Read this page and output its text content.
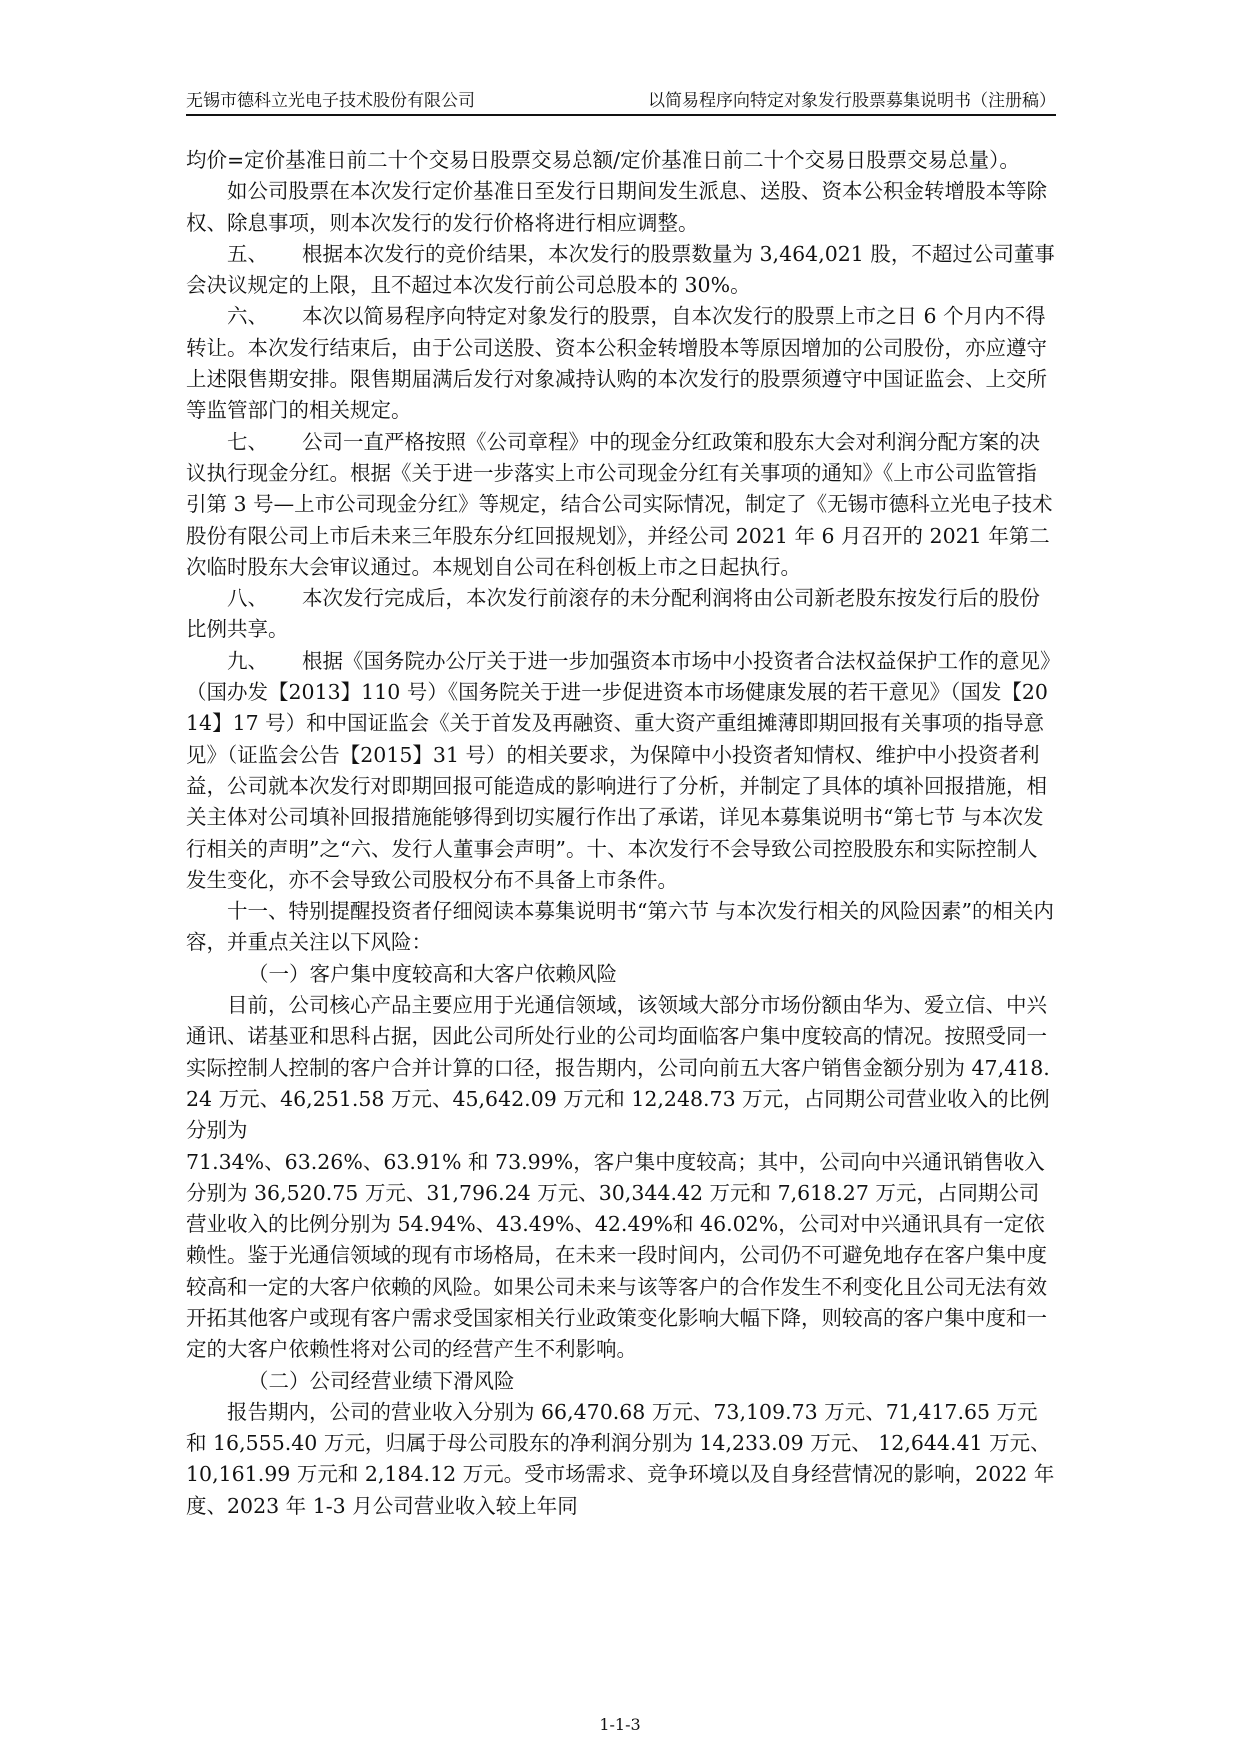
无锡市德科立光电子技术股份有限公司	以简易程序向特定对象发行股票募集说明书（注册稿）

均价=定价基准日前二十个交易日股票交易总额/定价基准日前二十个交易日股票交易总量）。

如公司股票在本次发行定价基准日至发行日期间发生派息、送股、资本公积金转增股本等除权、除息事项，则本次发行的发行价格将进行相应调整。

五、 根据本次发行的竞价结果，本次发行的股票数量为 3,464,021 股，不超过公司董事会决议规定的上限，且不超过本次发行前公司总股本的 30%。

六、 本次以简易程序向特定对象发行的股票，自本次发行的股票上市之日 6 个月内不得转让。本次发行结束后，由于公司送股、资本公积金转增股本等原因增加的公司股份，亦应遵守上述限售期安排。限售期届满后发行对象减持认购的本次发行的股票须遵守中国证监会、上交所等监管部门的相关规定。

七、 公司一直严格按照《公司章程》中的现金分红政策和股东大会对利润分配方案的决议执行现金分红。根据《关于进一步落实上市公司现金分红有关事项的通知》《上市公司监管指引第 3 号—上市公司现金分红》等规定，结合公司实际情况，制定了《无锡市德科立光电子技术股份有限公司上市后未来三年股东分红回报规划》，并经公司 2021 年 6 月召开的 2021 年第二次临时股东大会审议通过。本规划自公司在科创板上市之日起执行。

八、 本次发行完成后，本次发行前滚存的未分配利润将由公司新老股东按发行后的股份比例共享。

九、 根据《国务院办公厅关于进一步加强资本市场中小投资者合法权益保护工作的意见》（国办发【2013】110 号）《国务院关于进一步促进资本市场健康发展的若干意见》（国发【2014】17 号）和中国证监会《关于首发及再融资、重大资产重组摊薄即期回报有关事项的指导意见》（证监会公告【2015】31 号）的相关要求，为保障中小投资者知情权、维护中小投资者利益，公司就本次发行对即期回报可能造成的影响进行了分析，并制定了具体的填补回报措施，相关主体对公司填补回报措施能够得到切实履行作出了承诺，详见本募集说明书“第七节 与本次发行相关的声明”之“六、发行人董事会声明”。十、本次发行不会导致公司控股股东和实际控制人发生变化，亦不会导致公司股权分布不具备上市条件。

十一、特别提醒投资者仔细阅读本募集说明书“第六节 与本次发行相关的风险因素”的相关内容，并重点关注以下风险：

（一）客户集中度较高和大客户依赖风险

目前，公司核心产品主要应用于光通信领域，该领域大部分市场份额由华为、爱立信、中兴通讯、诺基亚和思科占据，因此公司所处行业的公司均面临客户集中度较高的情况。按照受同一实际控制人控制的客户合并计算的口径，报告期内，公司向前五大客户销售金额分别为 47,418.24 万元、46,251.58 万元、45,642.09 万元和 12,248.73 万元，占同期公司营业收入的比例分别为

71.34%、63.26%、63.91% 和 73.99%，客户集中度较高；其中，公司向中兴通讯销售收入分别为 36,520.75 万元、31,796.24 万元、30,344.42 万元和 7,618.27 万元，占同期公司营业收入的比例分别为 54.94%、43.49%、42.49%和 46.02%，公司对中兴通讯具有一定依赖性。鉴于光通信领域的现有市场格局，在未来一段时间内，公司仍不可避免地存在客户集中度较高和一定的大客户依赖的风险。如果公司未来与该等客户的合作发生不利变化且公司无法有效开拓其他客户或现有客户需求受国家相关行业政策变化影响大幅下降，则较高的客户集中度和一定的大客户依赖性将对公司的经营产生不利影响。

（二）公司经营业绩下滑风险

报告期内，公司的营业收入分别为 66,470.68 万元、73,109.73 万元、71,417.65 万元和 16,555.40 万元，归属于母公司股东的净利润分别为 14,233.09 万元、 12,644.41 万元、10,161.99 万元和 2,184.12 万元。受市场需求、竞争环境以及自身经营情况的影响，2022 年度、2023 年 1-3 月公司营业收入较上年同

1-1-3
